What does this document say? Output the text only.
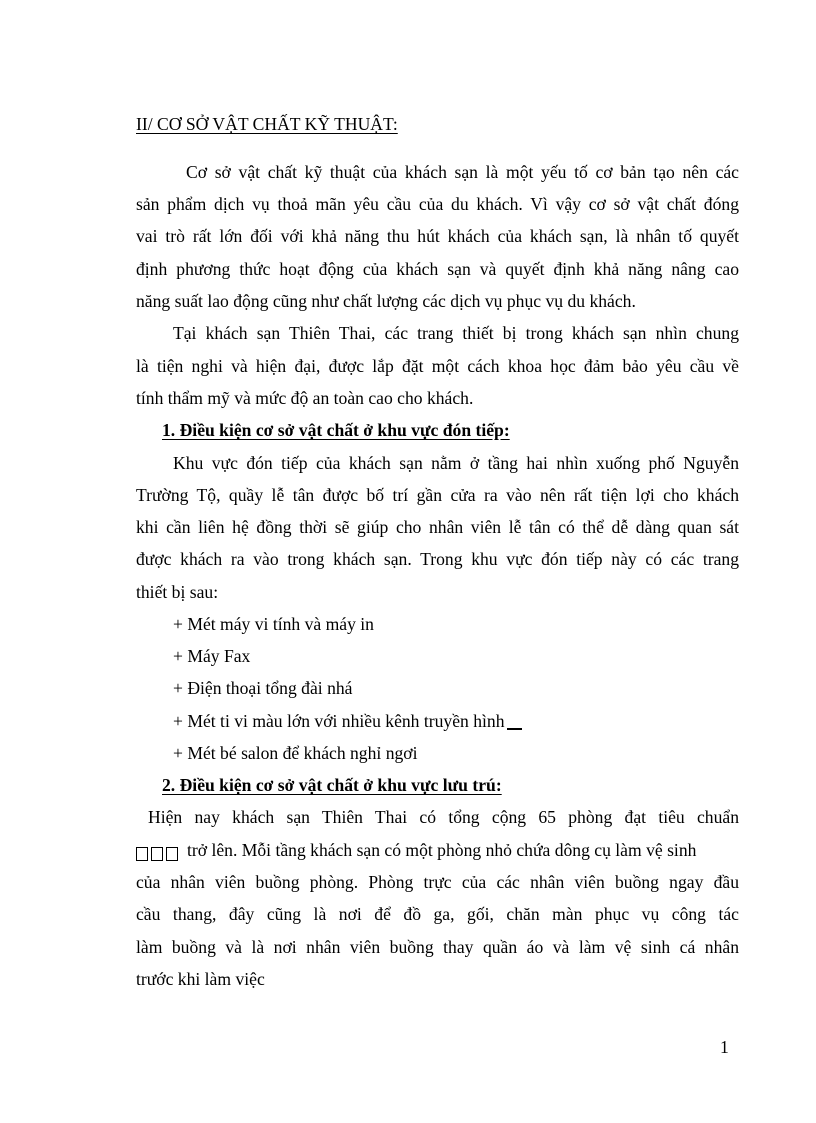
II/ CƠ SỞ VẬT CHẤT KỸ THUẬT:
Cơ sở vật chất kỹ thuật của khách sạn là một yếu tố cơ bản tạo nên các
sản phẩm dịch vụ thoả mãn yêu cầu của du khách. Vì vậy cơ sở vật chất đóng
vai trò rất lớn đối với khả năng thu hút khách của khách sạn, là nhân tố quyết
định phương thức hoạt động của khách sạn và quyết định khả năng nâng cao
năng suất lao động cũng như chất lượng các dịch vụ phục vụ du khách.
Tại khách sạn Thiên Thai, các trang thiết bị trong khách sạn nhìn chung
là tiện nghi và hiện đại, được lắp đặt một cách khoa học đảm bảo yêu cầu về
tính thẩm mỹ và mức độ an toàn cao cho khách.
1. Điều kiện cơ sở vật chất ở khu vực đón tiếp:
Khu vực đón tiếp của khách sạn nằm ở tầng hai nhìn xuống phố Nguyễn
Trường Tộ, quầy lễ tân được bố trí gần cửa ra vào nên rất tiện lợi cho khách
khi cần liên hệ đồng thời sẽ giúp cho nhân viên lễ tân có thể dễ dàng quan sát
được khách ra vào trong khách sạn. Trong khu vực đón tiếp này có các trang
thiết bị sau:
+ Mét máy vi tính và máy in
+ Máy Fax
+ Điện thoại tổng đài nhá
+ Mét ti vi màu lớn với nhiều kênh truyền hình
+ Mét bé salon để khách nghỉ ngơi
2. Điều kiện cơ sở vật chất ở khu vực lưu trú:
Hiện nay khách sạn Thiên Thai có tổng cộng 65 phòng đạt tiêu chuẩn
trở lên. Mỗi tầng khách sạn có một phòng nhỏ chứa dông cụ làm vệ sinh
của nhân viên buồng phòng. Phòng trực của các nhân viên buồng ngay đầu
cầu thang, đây cũng là nơi để đồ ga, gối, chăn màn phục vụ công tác
làm buồng và là nơi nhân viên buồng thay quần áo và làm vệ sinh cá nhân
trước khi làm việc
1
